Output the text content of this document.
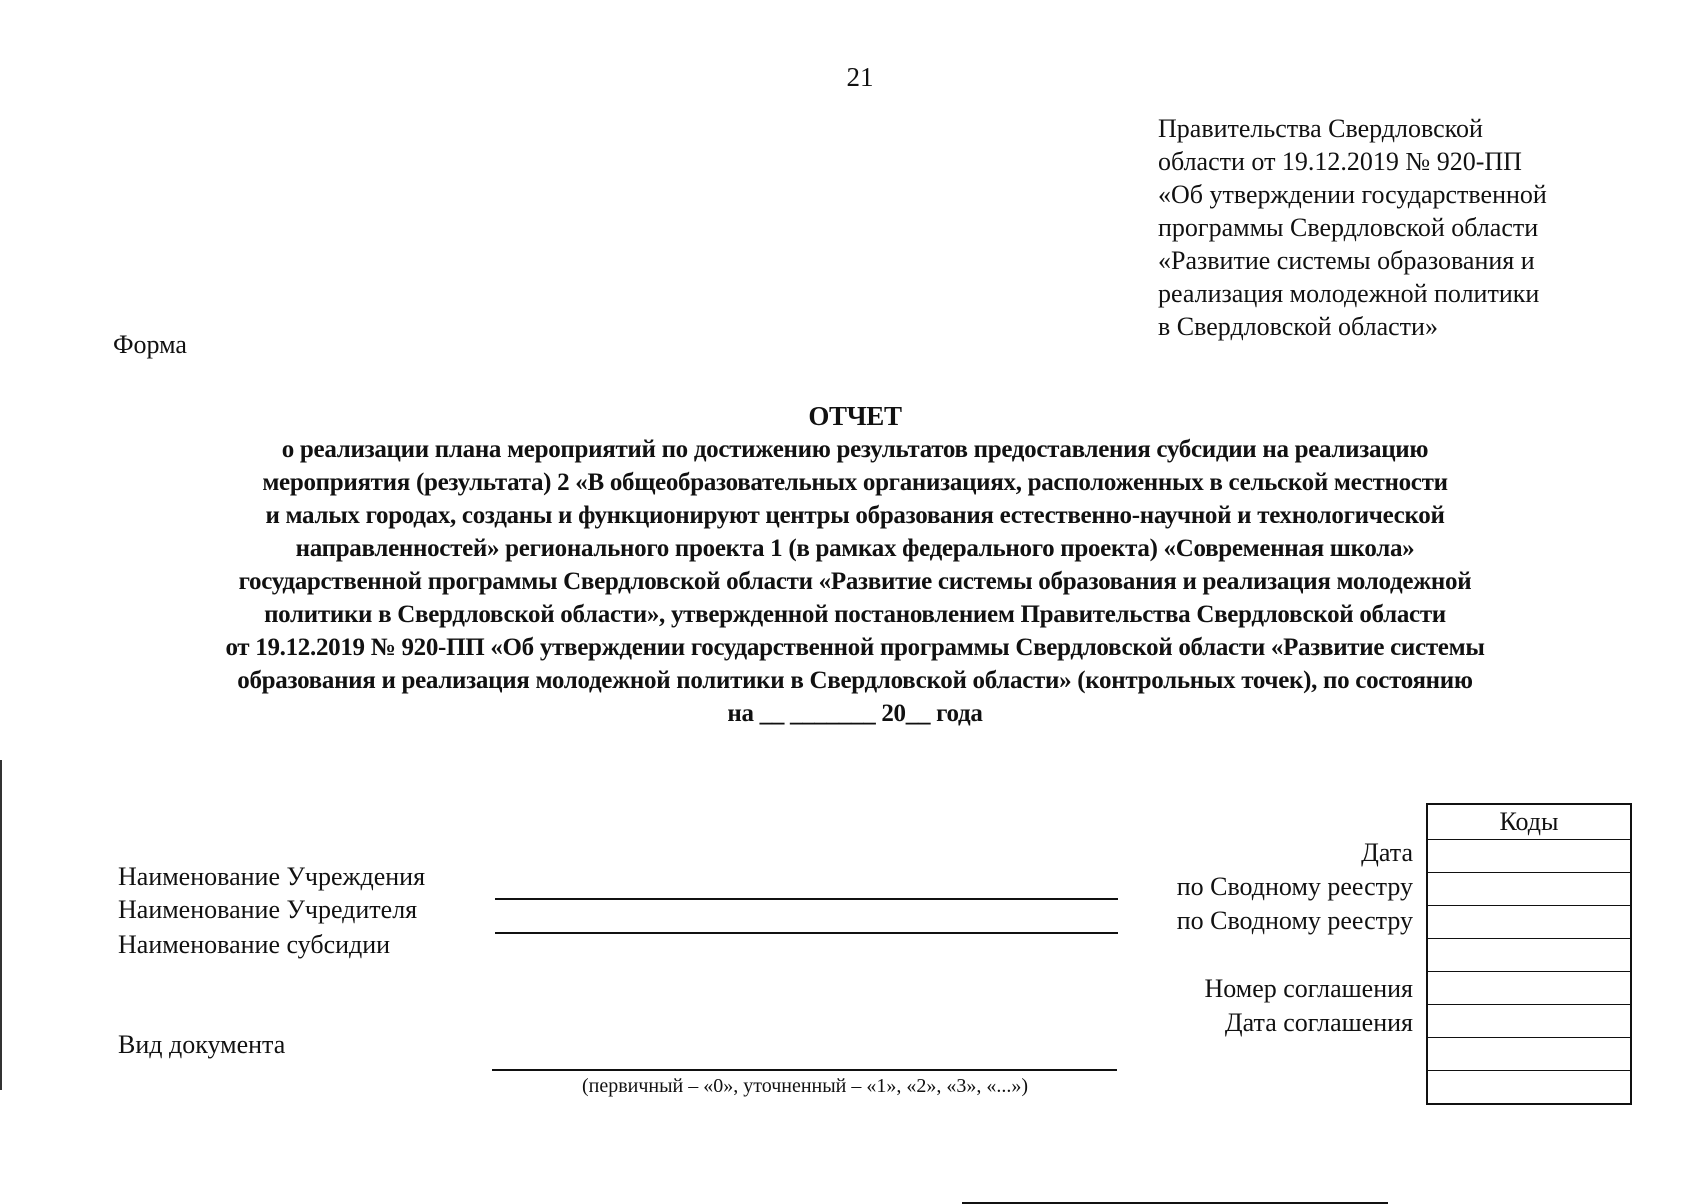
21
Правительства Свердловской
области от 19.12.2019 № 920-ПП
«Об утверждении государственной
программы Свердловской области
«Развитие системы образования и
реализация молодежной политики
в Свердловской области»
Форма
ОТЧЕТ
о реализации плана мероприятий по достижению результатов предоставления субсидии на реализацию
мероприятия (результата) 2 «В общеобразовательных организациях, расположенных в сельской местности
и малых городах, созданы и функционируют центры образования естественно-научной и технологической
направленностей» регионального проекта 1 (в рамках федерального проекта) «Современная школа»
государственной программы Свердловской области «Развитие системы образования и реализация молодежной
политики в Свердловской области», утвержденной постановлением Правительства Свердловской области
от 19.12.2019 № 920-ПП «Об утверждении государственной программы Свердловской области «Развитие системы
образования и реализация молодежной политики в Свердловской области» (контрольных точек), по состоянию
на __ _______ 20__ года
Наименование Учреждения
Наименование Учредителя
Наименование субсидии
Вид документа
(первичный – «0», уточненный – «1», «2», «3», «...»)
Дата
по Сводному реестру
по Сводному реестру
Номер соглашения
Дата соглашения
Коды
